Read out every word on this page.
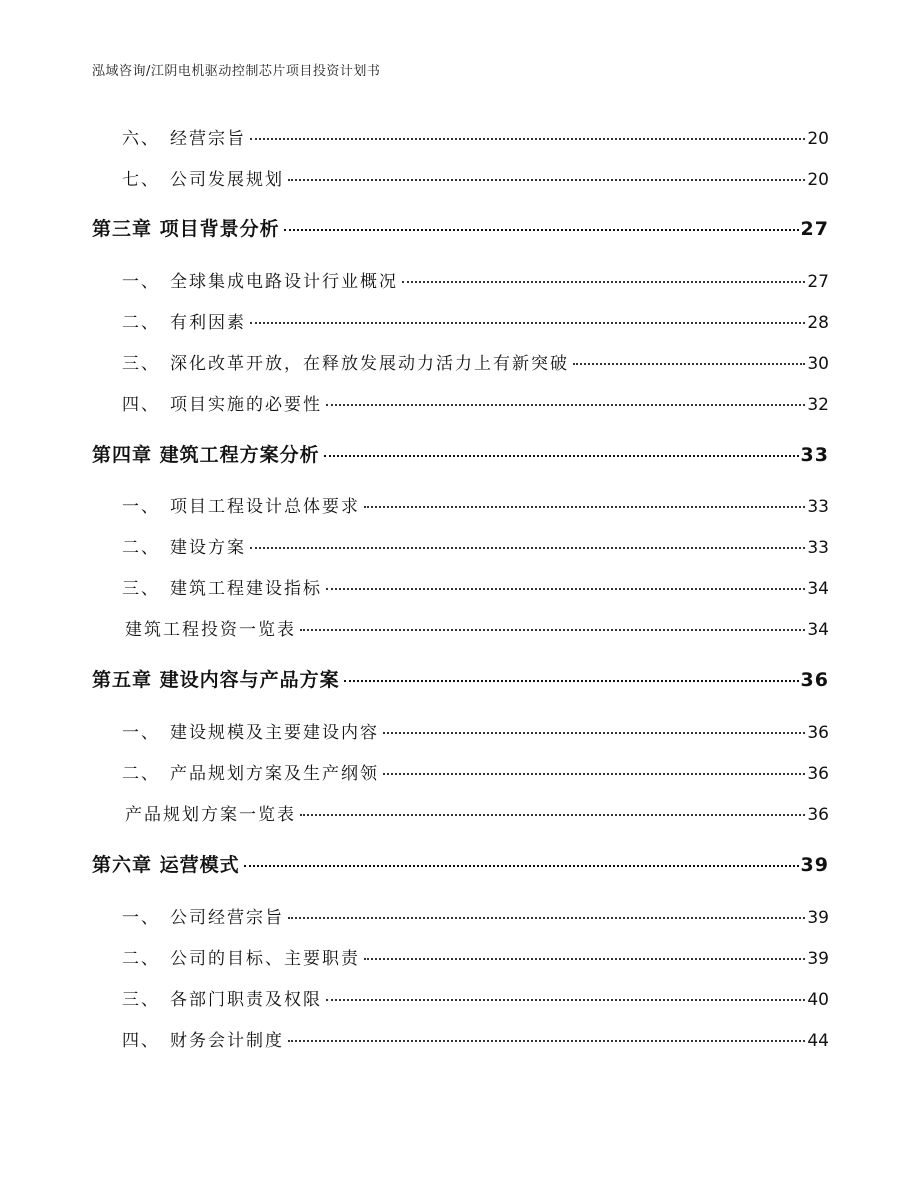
泓域咨询/江阴电机驱动控制芯片项目投资计划书
六、 经营宗旨	20
七、 公司发展规划	20
第三章 项目背景分析	27
一、 全球集成电路设计行业概况	27
二、 有利因素	28
三、 深化改革开放，在释放发展动力活力上有新突破	30
四、 项目实施的必要性	32
第四章 建筑工程方案分析	33
一、 项目工程设计总体要求	33
二、 建设方案	33
三、 建筑工程建设指标	34
建筑工程投资一览表	34
第五章 建设内容与产品方案	36
一、 建设规模及主要建设内容	36
二、 产品规划方案及生产纲领	36
产品规划方案一览表	36
第六章 运营模式	39
一、 公司经营宗旨	39
二、 公司的目标、主要职责	39
三、 各部门职责及权限	40
四、 财务会计制度	44
